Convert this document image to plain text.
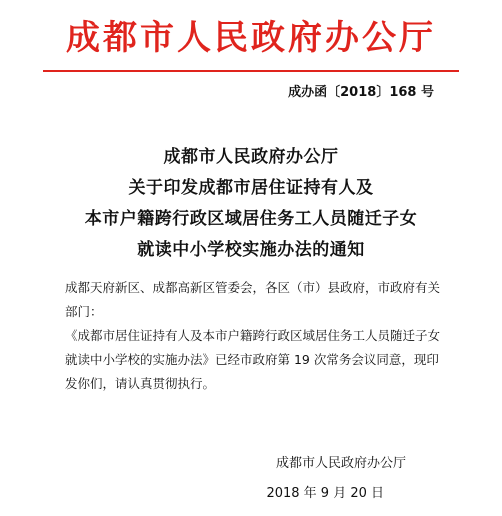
成都市人民政府办公厅
成办函〔2018〕168 号
成都市人民政府办公厅
关于印发成都市居住证持有人及
本市户籍跨行政区域居住务工人员随迁子女
就读中小学校实施办法的通知
成都天府新区、成都高新区管委会，各区（市）县政府，市政府有关部门：
《成都市居住证持有人及本市户籍跨行政区域居住务工人员随迁子女就读中小学校的实施办法》已经市政府第 19 次常务会议同意，现印发你们，请认真贯彻执行。
成都市人民政府办公厅
2018 年 9 月 20 日
